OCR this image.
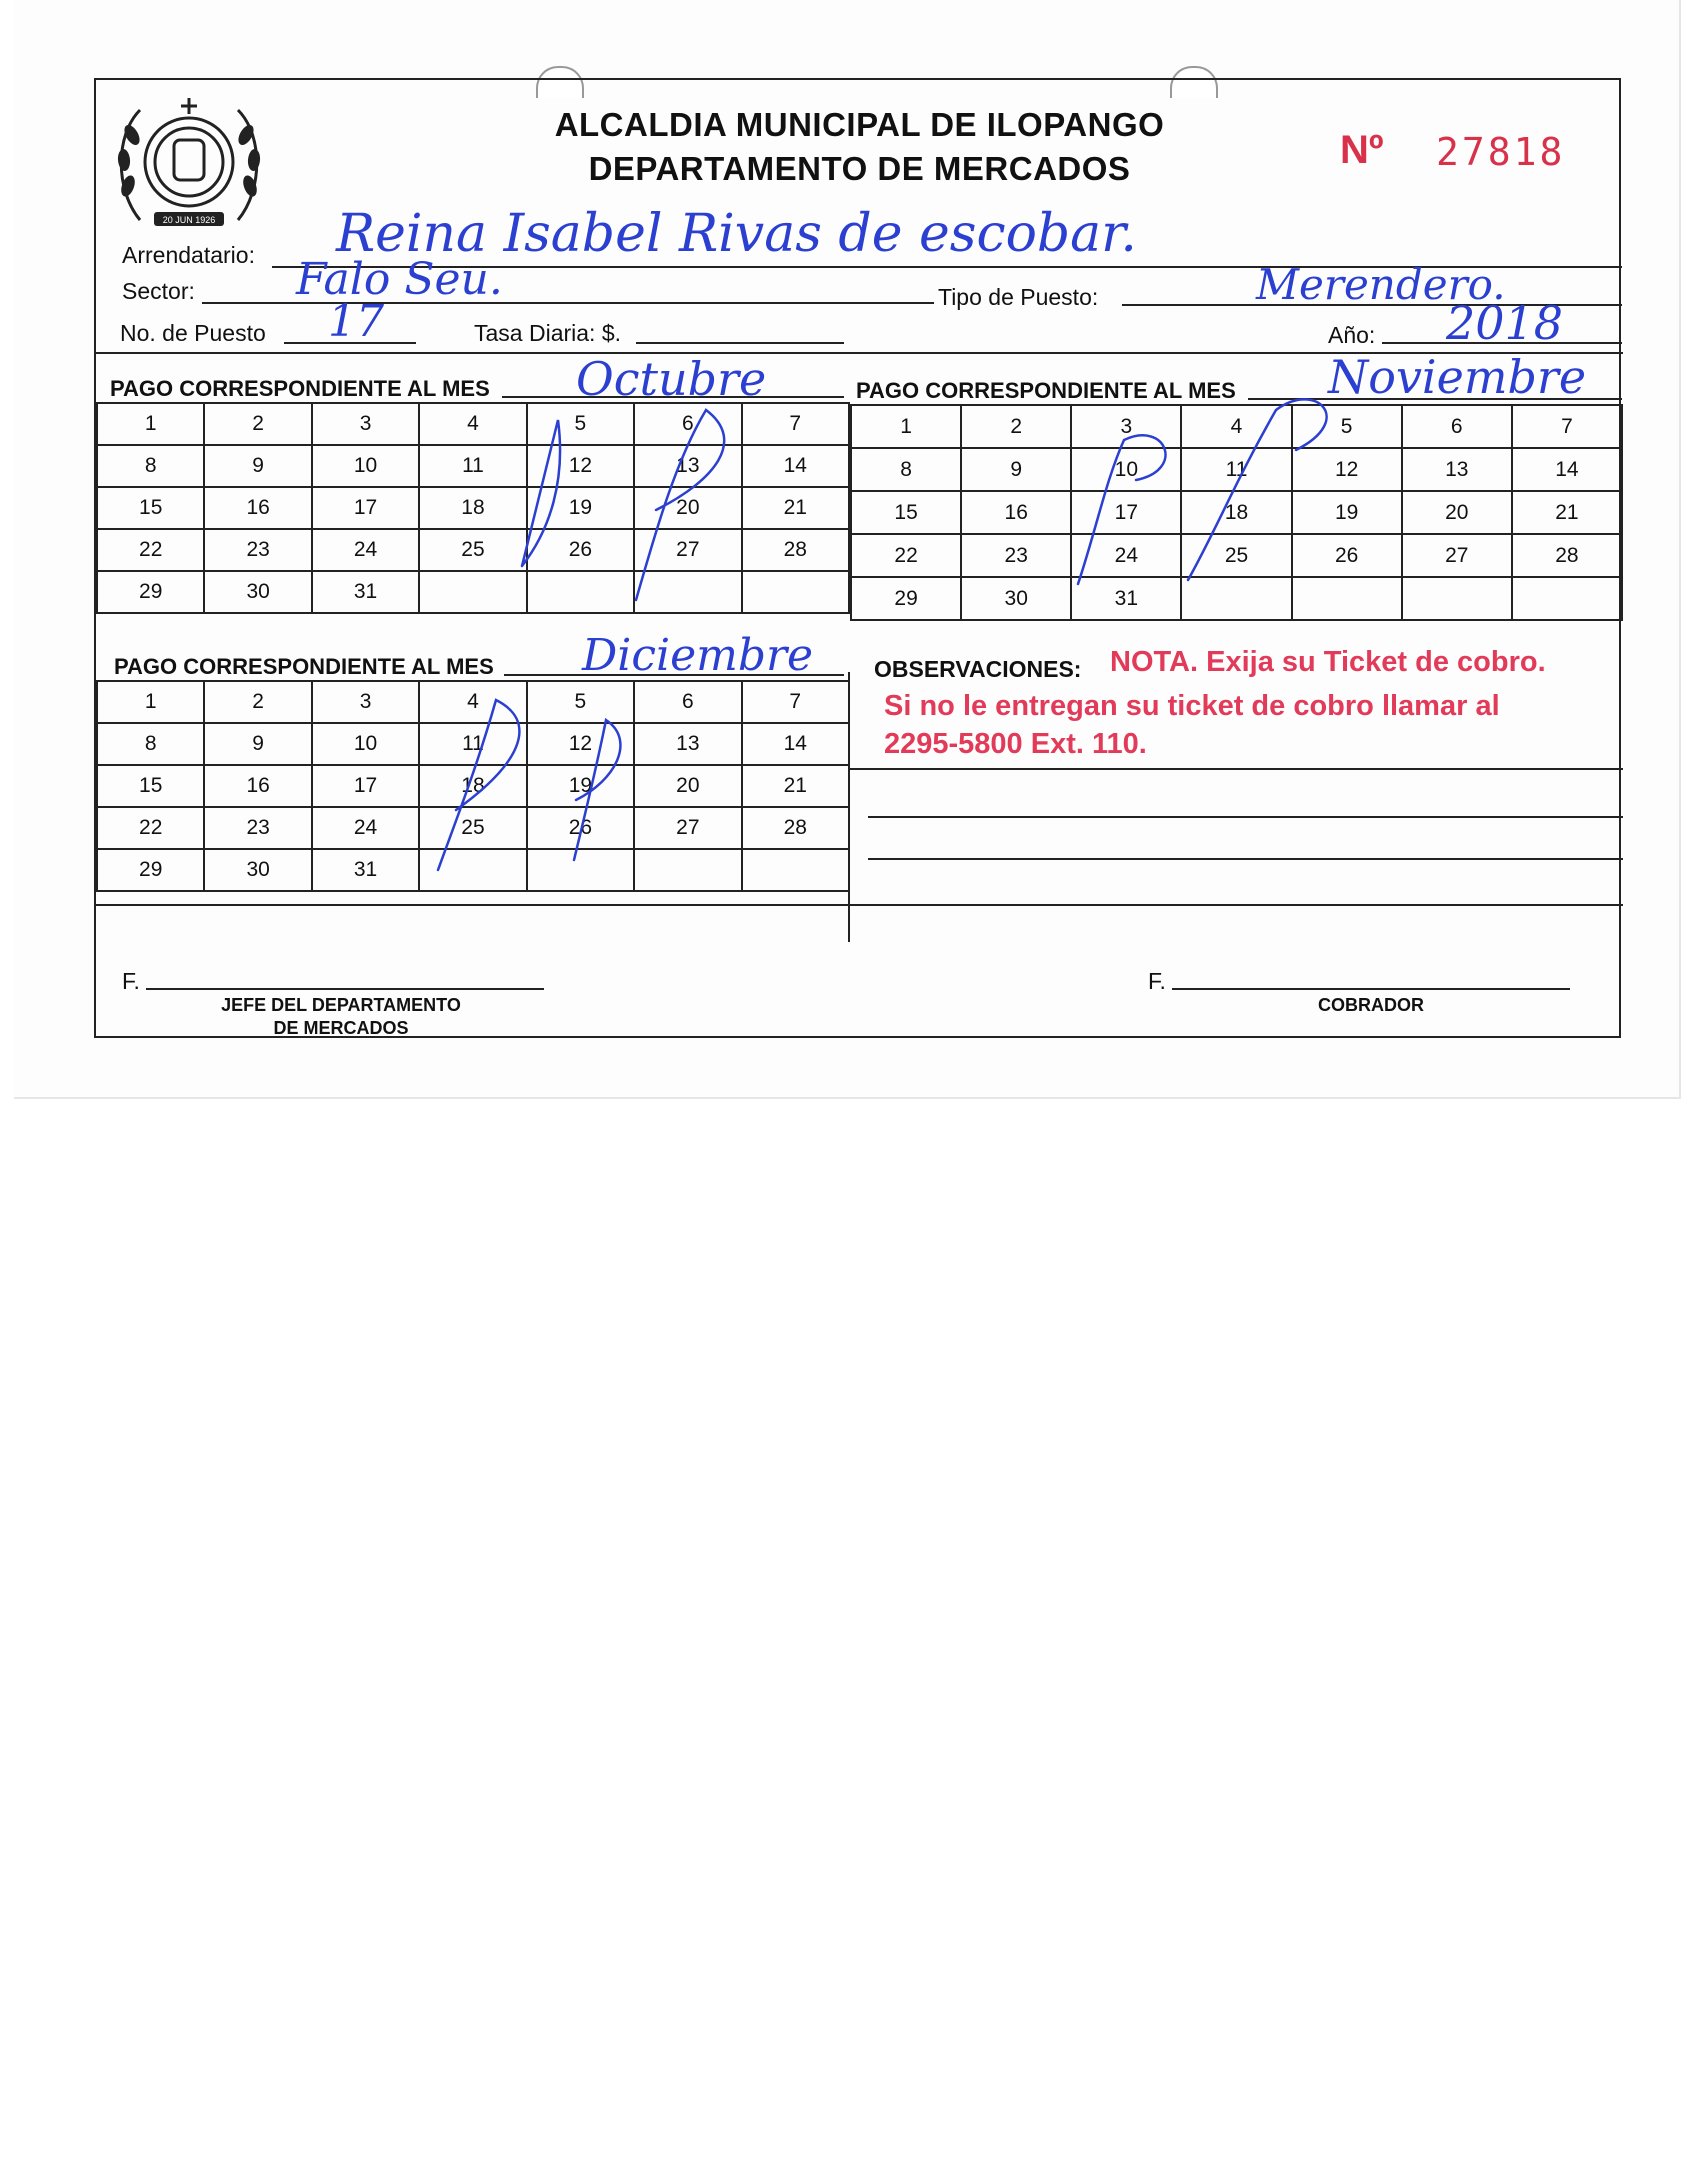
20 JUN 1926
ALCALDIA MUNICIPAL DE ILOPANGO
DEPARTAMENTO DE MERCADOS	Nº 27818
Arrendatario: Reina Isabel Rivas de escobar.
Sector: Falo Seu.	Tipo de Puesto:	Merendero.
No. de Puesto 17	Tasa Diaria: $.	Año: 2018
PAGO CORRESPONDIENTE AL MES Octubre	PAGO CORRESPONDIENTE AL MES Noviembre
1	2	3	4	5	6	7
8	9	10	11	12	13	14
15	16	17	18	19	20	21
22	23	24	25	26	27	28
29	30	31				
1	2	3	4	5	6	7
8	9	10	11	12	13	14
15	16	17	18	19	20	21
22	23	24	25	26	27	28
29	30	31				
PAGO CORRESPONDIENTE AL MES Diciembre
1	2	3	4	5	6	7
8	9	10	11	12	13	14
15	16	17	18	19	20	21
22	23	24	25	26	27	28
29	30	31				
OBSERVACIONES: NOTA. Exija su Ticket de cobro.
Si no le entregan su ticket de cobro llamar al
2295-5800 Ext. 110.
F.
JEFE DEL DEPARTAMENTO
DE MERCADOS
F.
COBRADOR
